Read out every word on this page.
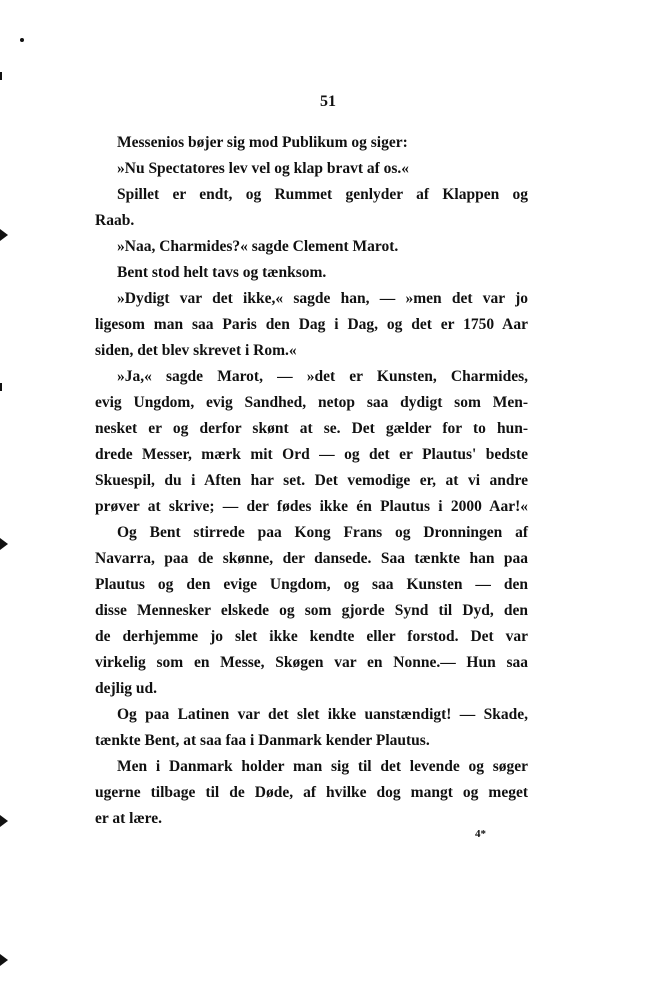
51
Messenios bøjer sig mod Publikum og siger:
»Nu Spectatores lev vel og klap bravt af os.«
Spillet er endt, og Rummet genlyder af Klappen og
Raab.
»Naa, Charmides?« sagde Clement Marot.
Bent stod helt tavs og tænksom.
»Dydigt var det ikke,« sagde han, — »men det var jo
ligesom man saa Paris den Dag i Dag, og det er 1750 Aar
siden, det blev skrevet i Rom.«
»Ja,« sagde Marot, — »det er Kunsten, Charmides,
evig Ungdom, evig Sandhed, netop saa dydigt som Men-
nesket er og derfor skønt at se. Det gælder for to hun-
drede Messer, mærk mit Ord — og det er Plautus' bedste
Skuespil, du i Aften har set. Det vemodige er, at vi andre
prøver at skrive; — der fødes ikke én Plautus i 2000 Aar!«
Og Bent stirrede paa Kong Frans og Dronningen af
Navarra, paa de skønne, der dansede. Saa tænkte han paa
Plautus og den evige Ungdom, og saa Kunsten — den
disse Mennesker elskede og som gjorde Synd til Dyd, den
de derhjemme jo slet ikke kendte eller forstod. Det var
virkelig som en Messe, Skøgen var en Nonne.— Hun saa
dejlig ud.
Og paa Latinen var det slet ikke uanstændigt! — Skade,
tænkte Bent, at saa faa i Danmark kender Plautus.
Men i Danmark holder man sig til det levende og søger
ugerne tilbage til de Døde, af hvilke dog mangt og meget
er at lære.
4*
